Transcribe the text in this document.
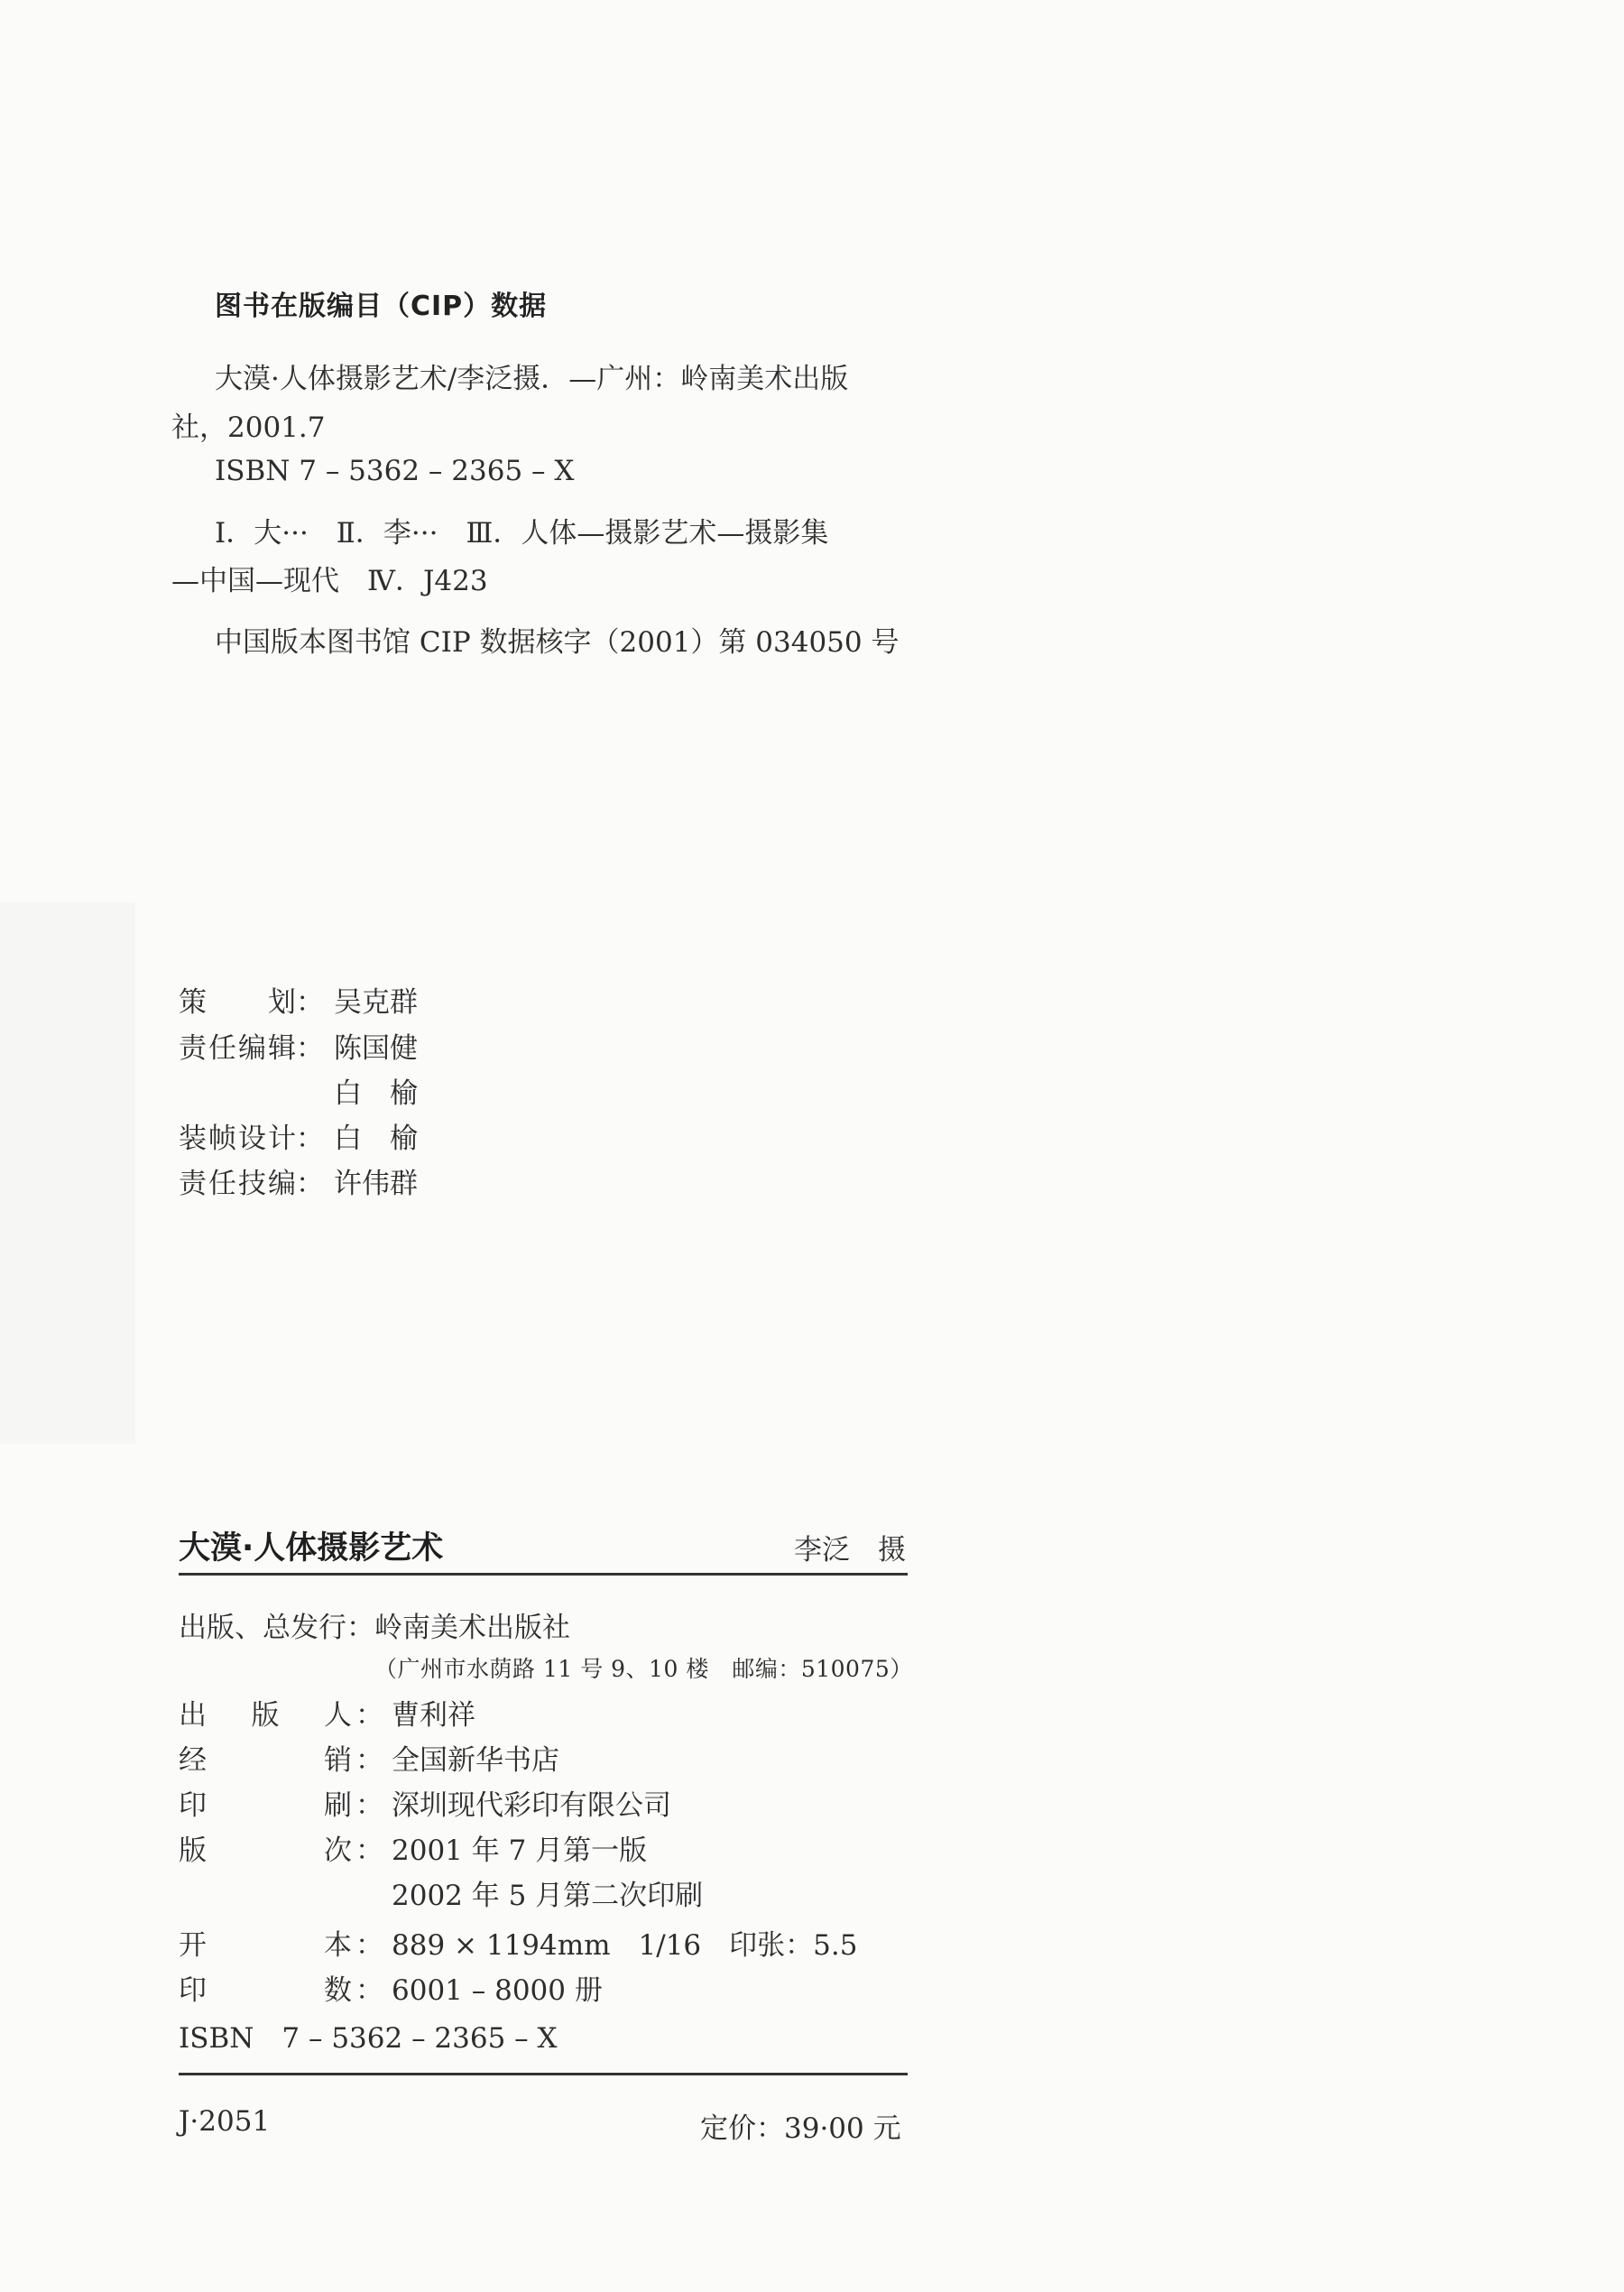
图书在版编目（CIP）数据
大漠·人体摄影艺术/李泛摄．—广州：岭南美术出版
社，2001.7
ISBN 7 – 5362 – 2365 – X
Ⅰ．大···　Ⅱ．李···　Ⅲ．人体—摄影艺术—摄影集
—中国—现代　Ⅳ．J423
中国版本图书馆 CIP 数据核字（2001）第 034050 号
策划 ： 吴克群
责任编辑 ： 陈国健
白　榆
装帧设计 ： 白　榆
责任技编 ： 许伟群
大漠·人体摄影艺术	李泛　摄
出版、总发行：岭南美术出版社
（广州市水荫路 11 号 9、10 楼　邮编：510075）
出版人 ： 曹利祥
经销 ： 全国新华书店
印刷 ： 深圳现代彩印有限公司
版次 ： 2001 年 7 月第一版
2002 年 5 月第二次印刷
开本 ： 889 × 1194mm　1/16　印张：5.5
印数 ： 6001 – 8000 册
ISBN　7 – 5362 – 2365 – X
J·2051	定价：39·00 元
